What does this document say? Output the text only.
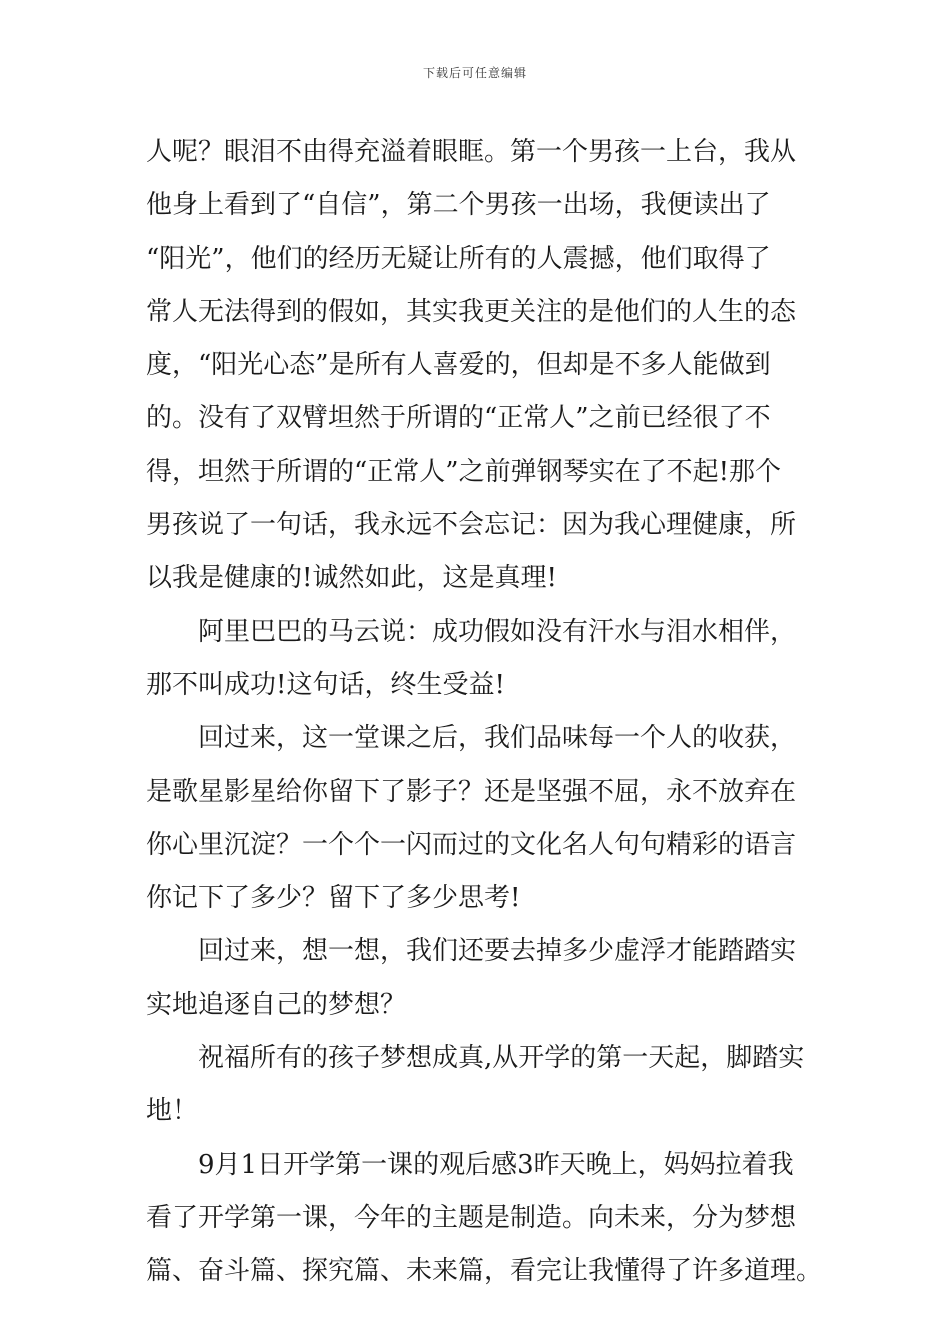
下载后可任意编辑
人呢？眼泪不由得充溢着眼眶。第一个男孩一上台，我从
他身上看到了“自信”，第二个男孩一出场，我便读出了
“阳光”，他们的经历无疑让所有的人震撼，他们取得了
常人无法得到的假如，其实我更关注的是他们的人生的态
度，“阳光心态”是所有人喜爱的，但却是不多人能做到
的。没有了双臂坦然于所谓的“正常人”之前已经很了不
得，坦然于所谓的“正常人”之前弹钢琴实在了不起!那个
男孩说了一句话，我永远不会忘记：因为我心理健康，所
以我是健康的!诚然如此，这是真理!
阿里巴巴的马云说：成功假如没有汗水与泪水相伴，
那不叫成功!这句话，终生受益!
回过来，这一堂课之后，我们品味每一个人的收获，
是歌星影星给你留下了影子？还是坚强不屈，永不放弃在
你心里沉淀？一个个一闪而过的文化名人句句精彩的语言
你记下了多少？留下了多少思考!
回过来，想一想，我们还要去掉多少虚浮才能踏踏实
实地追逐自己的梦想？
祝福所有的孩子梦想成真,从开学的第一天起，脚踏实
地！
9月1日开学第一课的观后感3昨天晚上，妈妈拉着我
看了开学第一课，今年的主题是制造。向未来，分为梦想
篇、奋斗篇、探究篇、未来篇，看完让我懂得了许多道理。
